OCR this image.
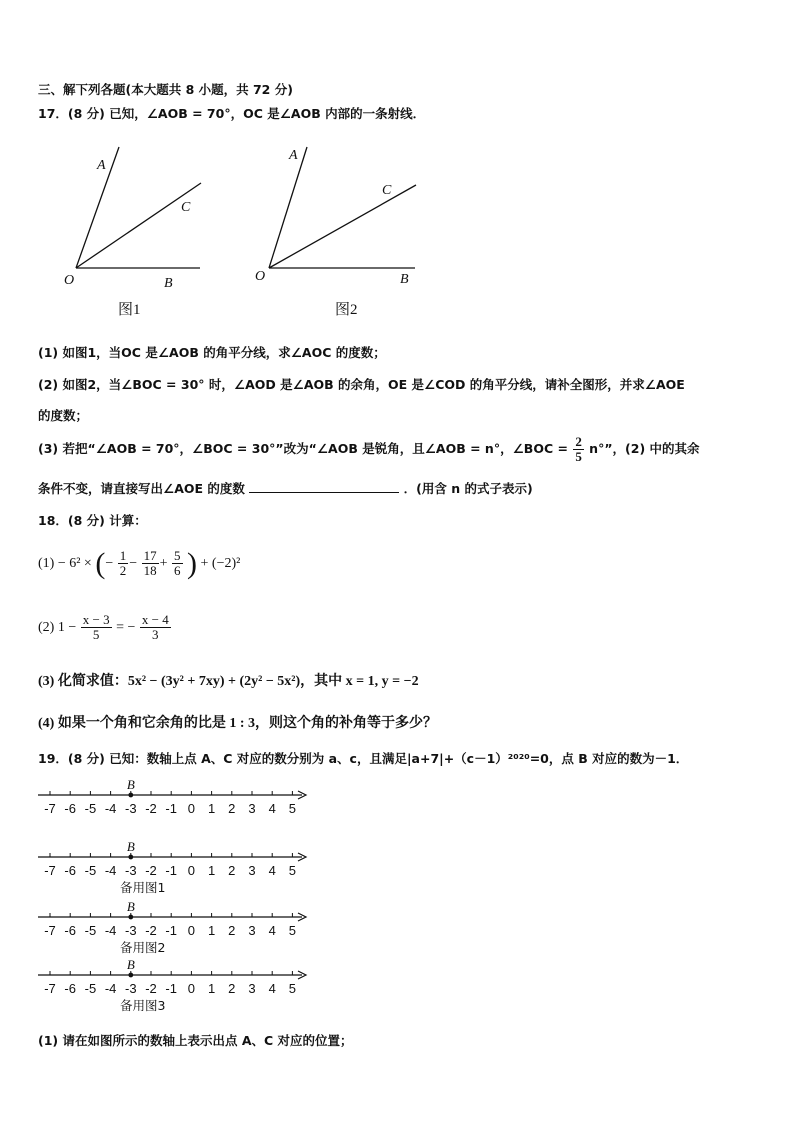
三、解下列各题(本大题共 8 小题，共 72 分)
17．(8 分) 已知，∠AOB = 70°，OC 是∠AOB 内部的一条射线．
A
C
O	B
图1
A
C
O	B
图2
(1) 如图1，当OC 是∠AOB 的角平分线，求∠AOC 的度数；
(2) 如图2，当∠BOC = 30° 时，∠AOD 是∠AOB 的余角，OE 是∠COD 的角平分线，请补全图形，并求∠AOE
的度数；
(3) 若把“∠AOB = 70°，∠BOC = 30°”改为“∠AOB 是锐角，且∠AOB = n°，∠BOC = $\frac{2}{5} n^\circ$”，(2) 中的其余
条件不变，请直接写出∠AOE 的度数	．(用含 n 的式子表示)
18．(8 分) 计算：
(1) − 6² × (− $\frac{1}{2} - \frac{17}{18} + \frac{5}{6}$ ) + (−2)²
(2) $1 - \frac{x - 3}{5}$ = − $\frac{x - 4}{3}$
(3) 化简求值：5x² − (3y² + 7xy) + (2y² − 5x²)，其中 x = 1, y = −2
(4) 如果一个角和它余角的比是 1 : 3，则这个角的补角等于多少？
19．(8 分) 已知：数轴上点 A、C 对应的数分别为 a、c，且满足|a+7|+（c－1）²⁰²⁰=0，点 B 对应的数为－1．
-7 -6 -5 -4 -3 -2 -1 0 1 2 3 4 5
B
-7 -6 -5 -4 -3 -2 -1 0 1 2 3 4 5
B
备用图1
-7 -6 -5 -4 -3 -2 -1 0 1 2 3 4 5
B
备用图2
-7 -6 -5 -4 -3 -2 -1 0 1 2 3 4 5
B
备用图3
(1) 请在如图所示的数轴上表示出点 A、C 对应的位置；
